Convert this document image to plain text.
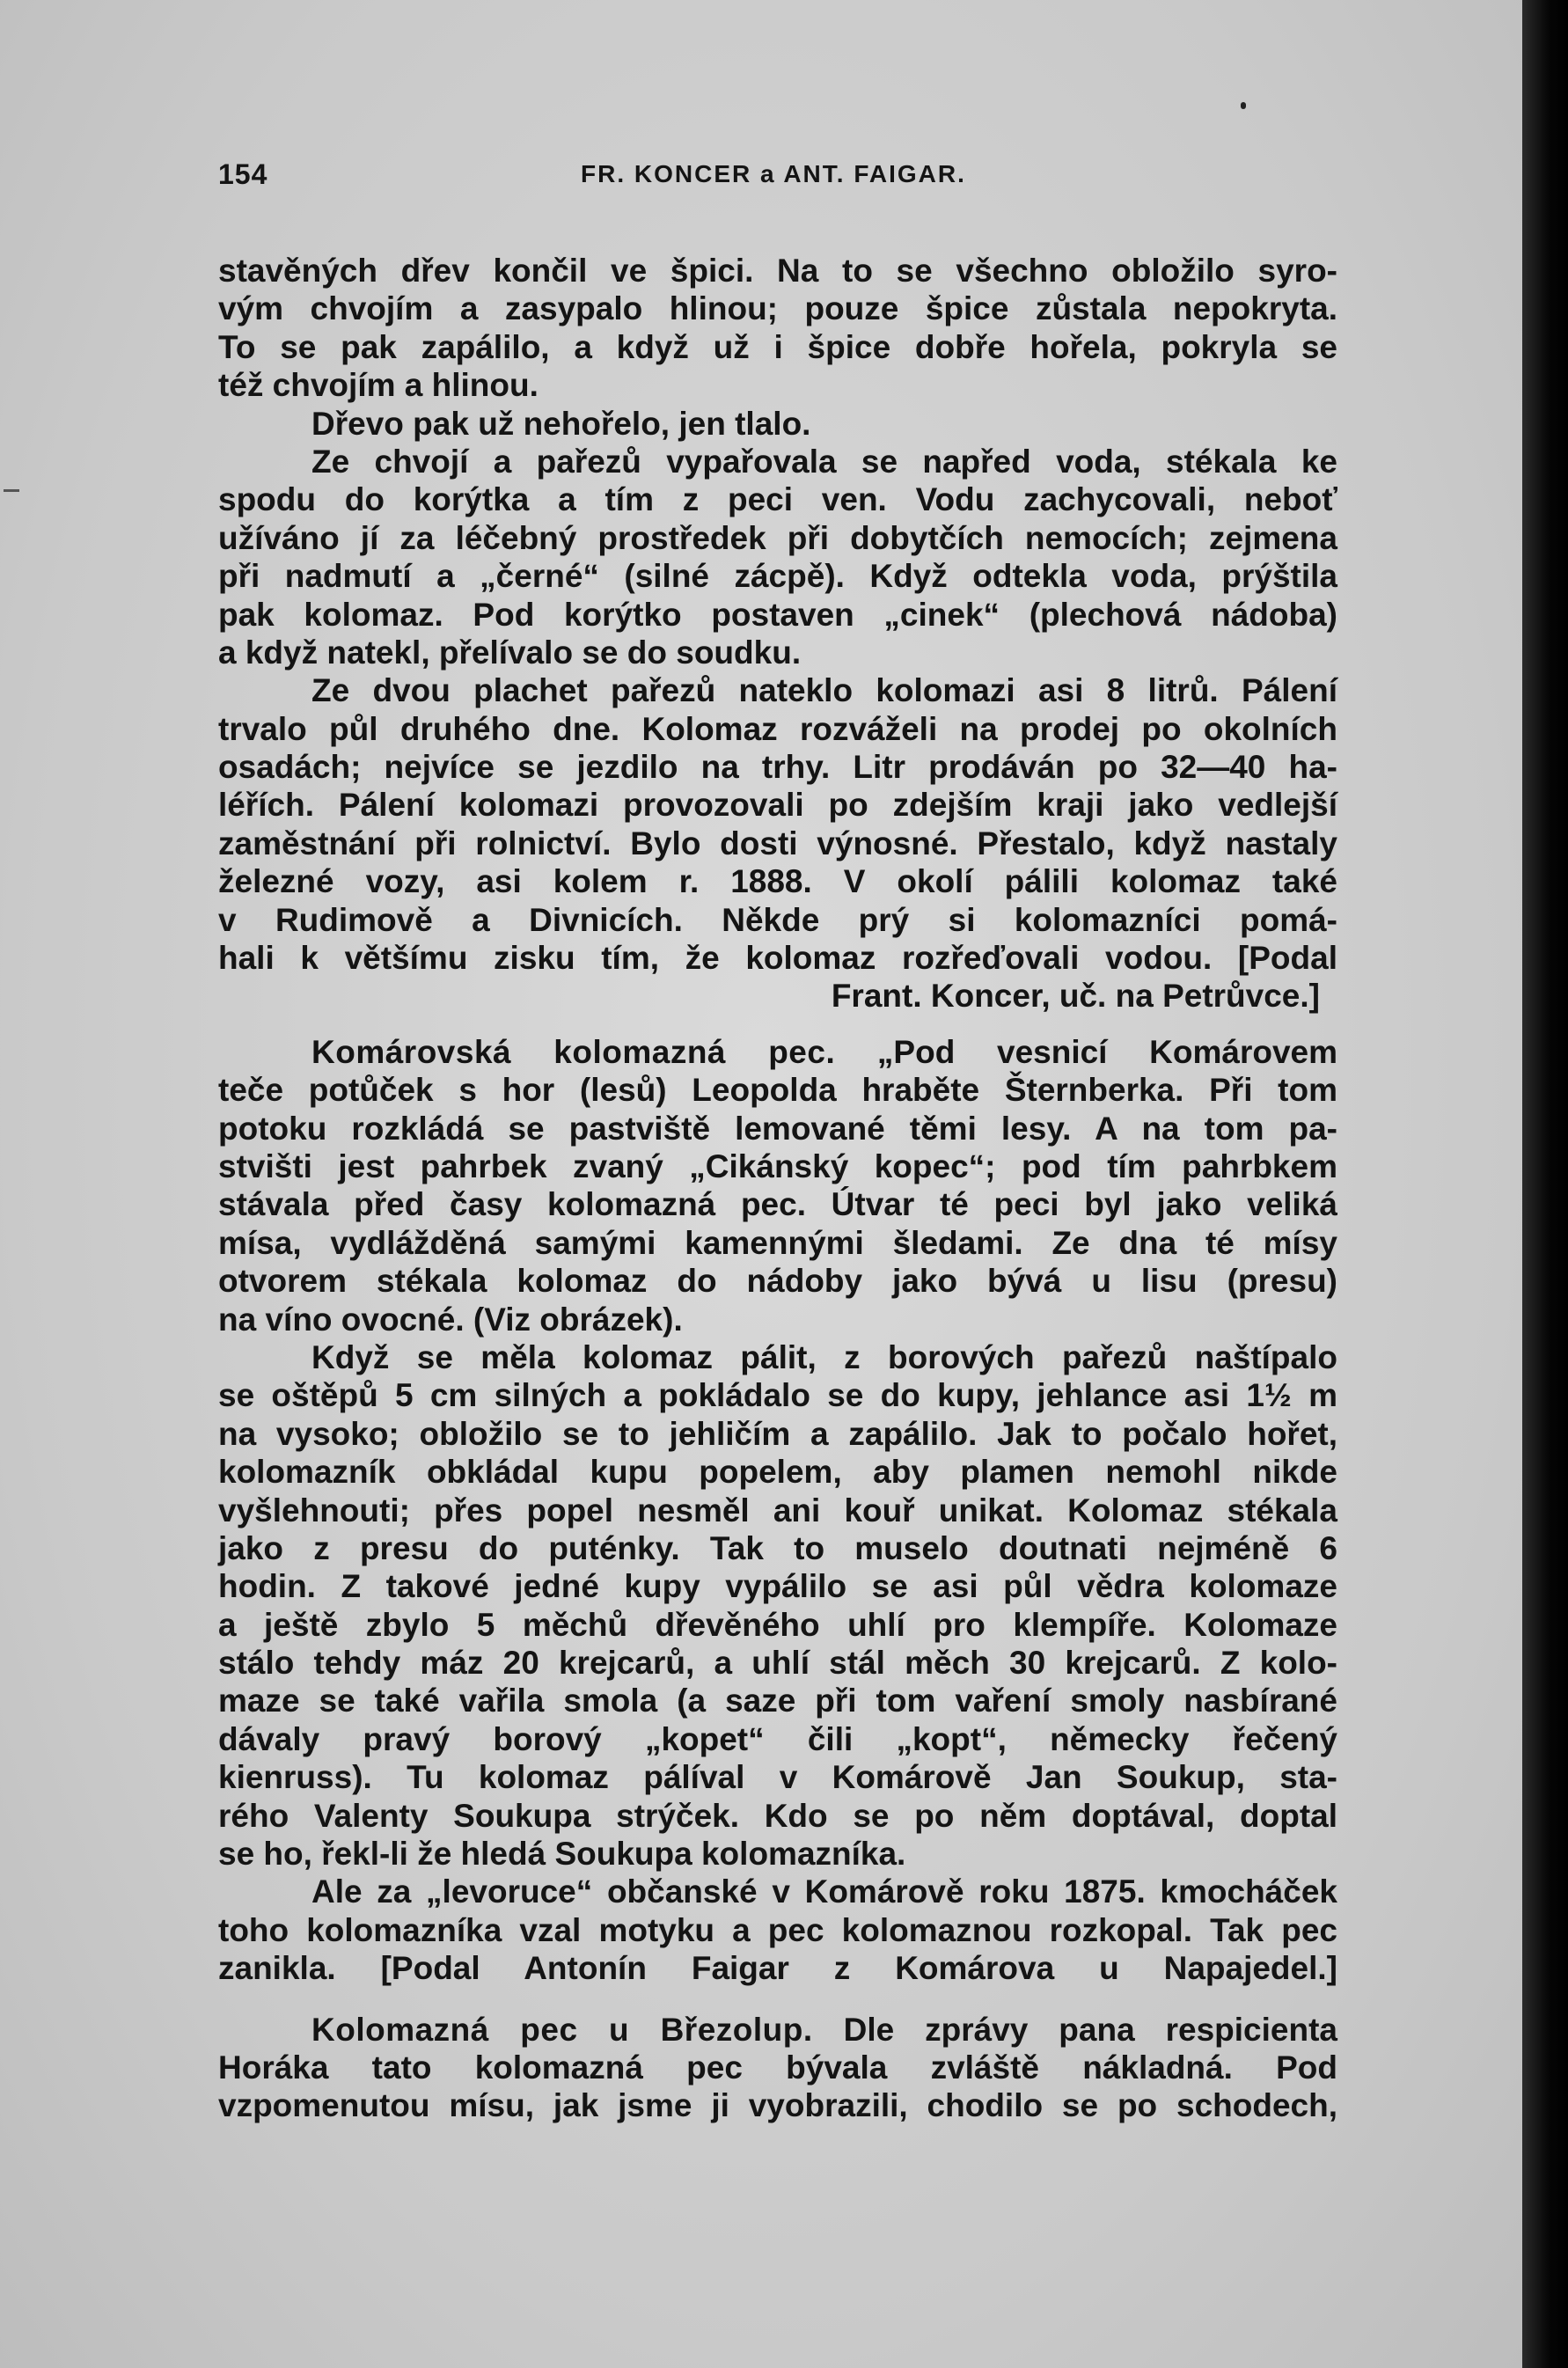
154	FR. KONCER a ANT. FAIGAR.
stavěných dřev končil ve špici. Na to se všechno obložilo syro-
vým chvojím a zasypalo hlinou; pouze špice zůstala nepokryta.
To se pak zapálilo, a když už i špice dobře hořela, pokryla se
též chvojím a hlinou.
Dřevo pak už nehořelo, jen tlalo.
Ze chvojí a pařezů vypařovala se napřed voda, stékala ke
spodu do korýtka a tím z peci ven. Vodu zachycovali, neboť
užíváno jí za léčebný prostředek při dobytčích nemocích; zejmena
při nadmutí a „černé“ (silné zácpě). Když odtekla voda, prýštila
pak kolomaz. Pod korýtko postaven „cinek“ (plechová nádoba)
a když natekl, přelívalo se do soudku.
Ze dvou plachet pařezů nateklo kolomazi asi 8 litrů. Pálení
trvalo půl druhého dne. Kolomaz rozváželi na prodej po okolních
osadách; nejvíce se jezdilo na trhy. Litr prodáván po 32—40 ha-
léřích. Pálení kolomazi provozovali po zdejším kraji jako vedlejší
zaměstnání při rolnictví. Bylo dosti výnosné. Přestalo, když nastaly
železné vozy, asi kolem r. 1888. V okolí pálili kolomaz také
v Rudimově a Divnicích. Někde prý si kolomazníci pomá-
hali k většímu zisku tím, že kolomaz rozřeďovali vodou. [Podal
Frant. Koncer, uč. na Petrůvce.]
Komárovská kolomazná pec. „Pod vesnicí Komárovem
teče potůček s hor (lesů) Leopolda hraběte Šternberka. Při tom
potoku rozkládá se pastviště lemované těmi lesy. A na tom pa-
stvišti jest pahrbek zvaný „Cikánský kopec“; pod tím pahrbkem
stávala před časy kolomazná pec. Útvar té peci byl jako veliká
mísa, vydlážděná samými kamennými šledami. Ze dna té mísy
otvorem stékala kolomaz do nádoby jako bývá u lisu (presu)
na víno ovocné. (Viz obrázek).
Když se měla kolomaz pálit, z borových pařezů naštípalo
se oštěpů 5 cm silných a pokládalo se do kupy, jehlance asi 1½ m
na vysoko; obložilo se to jehličím a zapálilo. Jak to počalo hořet,
kolomazník obkládal kupu popelem, aby plamen nemohl nikde
vyšlehnouti; přes popel nesměl ani kouř unikat. Kolomaz stékala
jako z presu do puténky. Tak to muselo doutnati nejméně 6
hodin. Z takové jedné kupy vypálilo se asi půl vědra kolomaze
a ještě zbylo 5 měchů dřevěného uhlí pro klempíře. Kolomaze
stálo tehdy máz 20 krejcarů, a uhlí stál měch 30 krejcarů. Z kolo-
maze se také vařila smola (a saze při tom vaření smoly nasbírané
dávaly pravý borový „kopet“ čili „kopt“, německy řečený
kienruss). Tu kolomaz pálíval v Komárově Jan Soukup, sta-
rého Valenty Soukupa strýček. Kdo se po něm doptával, doptal
se ho, řekl-li že hledá Soukupa kolomazníka.
Ale za „levoruce“ občanské v Komárově roku 1875. kmocháček
toho kolomazníka vzal motyku a pec kolomaznou rozkopal. Tak pec
zanikla. [Podal Antonín Faigar z Komárova u Napajedel.]
Kolomazná pec u Březolup. Dle zprávy pana respicienta
Horáka tato kolomazná pec bývala zvláště nákladná. Pod
vzpomenutou mísu, jak jsme ji vyobrazili, chodilo se po schodech,
